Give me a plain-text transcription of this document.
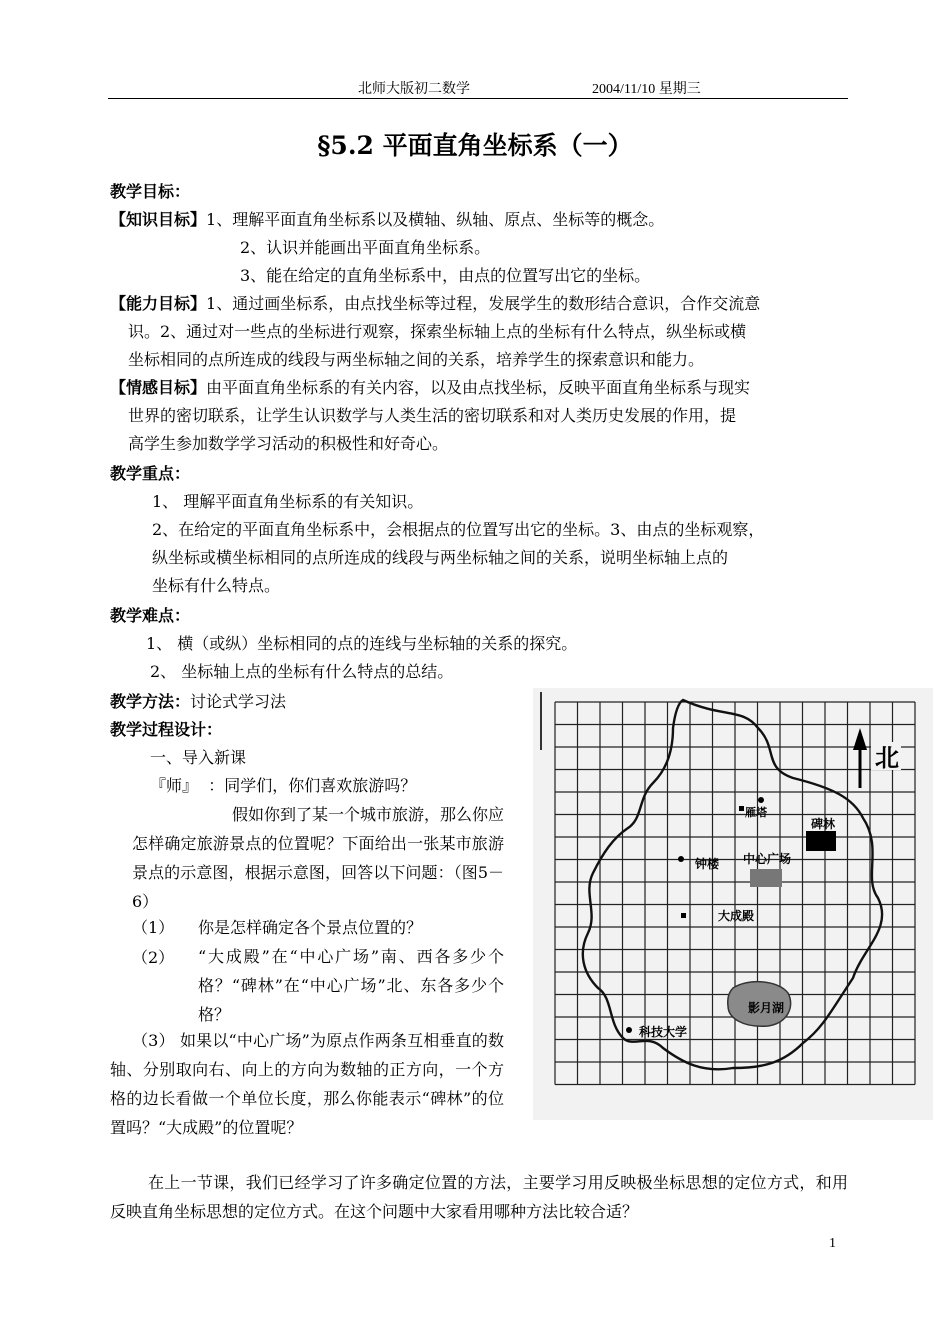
北师大版初二数学	2004/11/10 星期三
§5.2 平面直角坐标系（一）
教学目标：
【知识目标】1、理解平面直角坐标系以及横轴、纵轴、原点、坐标等的概念。
2、认识并能画出平面直角坐标系。
3、能在给定的直角坐标系中，由点的位置写出它的坐标。
【能力目标】1、通过画坐标系，由点找坐标等过程，发展学生的数形结合意识，合作交流意
识。2、通过对一些点的坐标进行观察，探索坐标轴上点的坐标有什么特点，纵坐标或横
坐标相同的点所连成的线段与两坐标轴之间的关系，培养学生的探索意识和能力。
【情感目标】由平面直角坐标系的有关内容，以及由点找坐标，反映平面直角坐标系与现实
世界的密切联系，让学生认识数学与人类生活的密切联系和对人类历史发展的作用，提
高学生参加数学学习活动的积极性和好奇心。
教学重点：
1、 理解平面直角坐标系的有关知识。
2、在给定的平面直角坐标系中，会根据点的位置写出它的坐标。3、由点的坐标观察，
纵坐标或横坐标相同的点所连成的线段与两坐标轴之间的关系，说明坐标轴上点的
坐标有什么特点。
教学难点：
1、 横（或纵）坐标相同的点的连线与坐标轴的关系的探究。
2、 坐标轴上点的坐标有什么特点的总结。
教学方法：讨论式学习法
教学过程设计：
一、导入新课
『师』 ：同学们，你们喜欢旅游吗？
假如你到了某一个城市旅游，那么你应怎样确定旅游景点的位置呢？下面给出一张某市旅游景点的示意图，根据示意图，回答以下问题：（图5－6）
（1） 你是怎样确定各个景点位置的？
（2） “大成殿”在“中心广场”南、西各多少个格？“碑林”在“中心广场”北、东各多少个格？
（3） 如果以“中心广场”为原点作两条互相垂直的数轴、分别取向右、向上的方向为数轴的正方向，一个方格的边长看做一个单位长度，那么你能表示“碑林”的位置吗？“大成殿”的位置呢？
在上一节课，我们已经学习了许多确定位置的方法，主要学习用反映极坐标思想的定位方式，和用反映直角坐标思想的定位方式。在这个问题中大家看用哪种方法比较合适？
北
雁塔
碑林
钟楼 中心广场
大成殿
影月湖
科技大学
1
